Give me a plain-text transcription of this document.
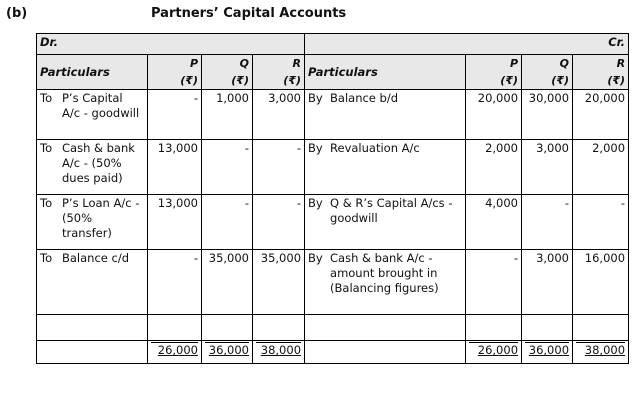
(b)	Partners’ Capital Accounts
Dr.				Cr.			
Particulars	P	Q	R	Particulars	P	Q	R
	(₹)	(₹)	(₹)		(₹)	(₹)	(₹)

To P’s Capital A/c - goodwill	-	1,000	3,000	By Balance b/d	20,000	30,000	20,000

To Cash & bank A/c - (50% dues paid)	13,000	-	-	By Revaluation A/c	2,000	3,000	2,000

To P’s Loan A/c - (50% transfer)	13,000	-	-	By Q & R’s Capital A/cs - goodwill	4,000	-	-

To Balance c/d	-	35,000	35,000	By Cash & bank A/c - amount brought in (Balancing figures)	-	3,000	16,000

	26,000	36,000	38,000		26,000	36,000	38,000
